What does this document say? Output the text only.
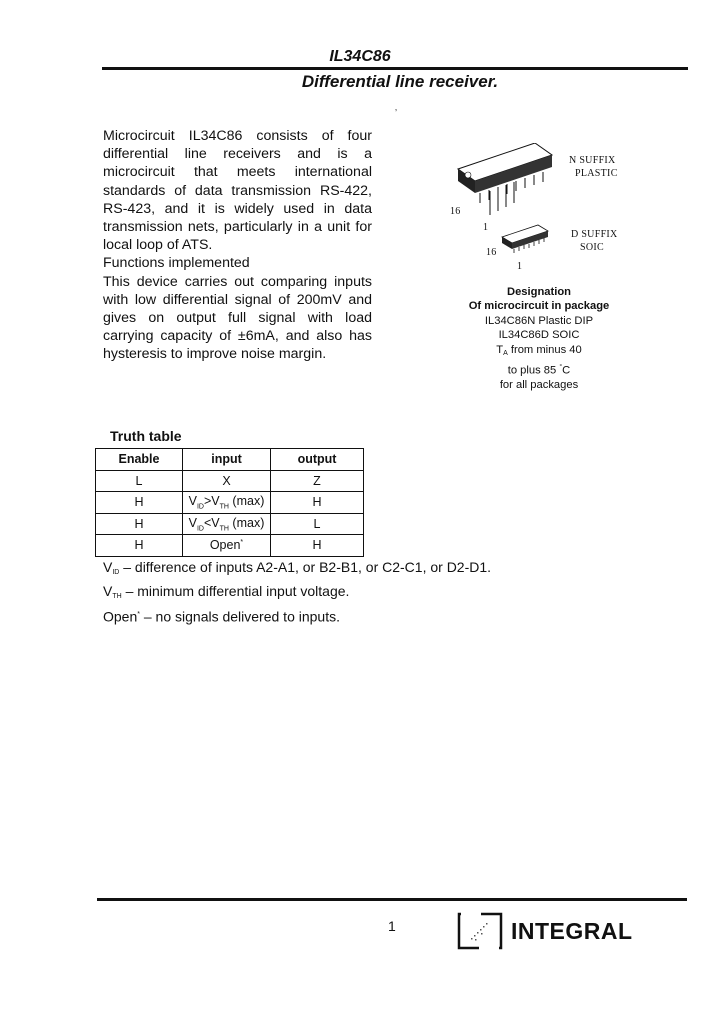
IL34C86
Differential line receiver.
‚

Microcircuit IL34C86 consists of four differential line receivers and is a microcircuit that meets international standards of data transmission RS-422, RS-423, and it is widely used in data transmission nets, particularly in a unit for local loop of ATS.

Functions implemented

This device carries out comparing inputs with low differential signal of 200mV and gives on output full signal with load carrying capacity of ±6mA, and also has hysteresis to improve noise margin.

N SUFFIX
PLASTIC
16
1
D SUFFIX
SOIC
16
1
Designation
Of microcircuit in package
IL34C86N Plastic DIP
IL34C86D SOIC
$T_A$ from minus 40
to plus 85 °C
for all packages
Truth table
Enable	input	output
L	X	Z
H	$V_{ID}>V_{TH}$ (max)	H
H	$V_{ID}<V_{TH}$ (max)	L
H	Open*	H
$V_{ID}$ – difference of inputs A2-A1, or B2-B1, or C2-C1, or D2-D1.
$V_{TH}$ – minimum differential input voltage.
Open* – no signals delivered to inputs.
1	INTEGRAL
